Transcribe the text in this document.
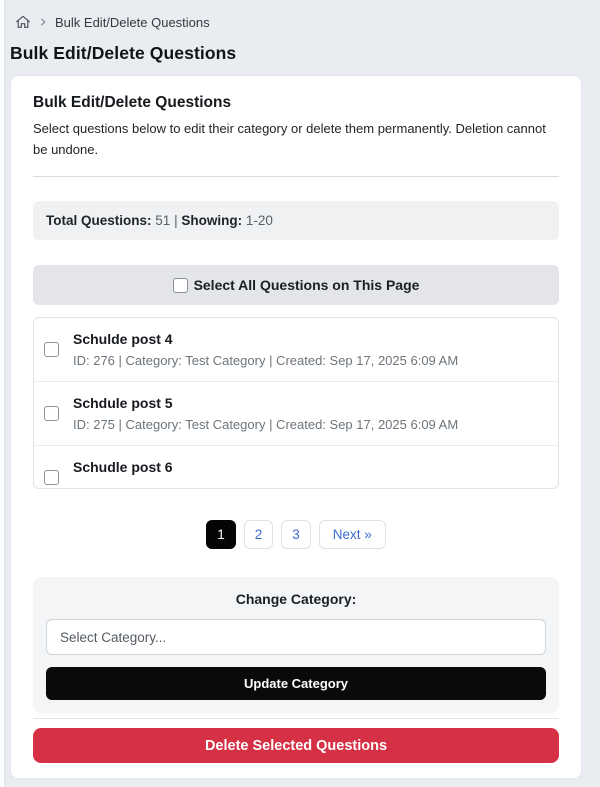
Bulk Edit/Delete Questions
Bulk Edit/Delete Questions
Bulk Edit/Delete Questions
Select questions below to edit their category or delete them permanently. Deletion cannot be undone.
Total Questions: 51 | Showing: 1-20
Select All Questions on This Page
Schulde post 4
ID: 276 | Category: Test Category | Created: Sep 17, 2025 6:09 AM
Schdule post 5
ID: 275 | Category: Test Category | Created: Sep 17, 2025 6:09 AM
Schudle post 6
1	2	3	Next »
Change Category:
Select Category...
Update Category
Delete Selected Questions
